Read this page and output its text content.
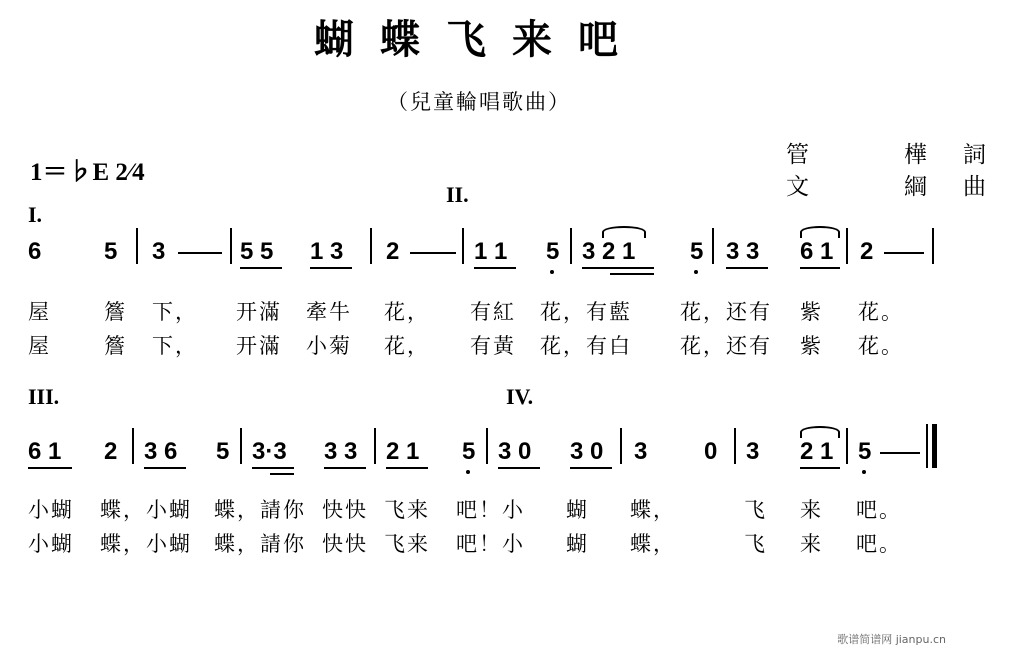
蝴蝶飞来吧
（兒童輪唱歌曲）
1＝♭E 2⁄4
管　樺詞
文　綱曲
I.
II.
III.	IV.
6	5 3	5 5 1 3 2	1 1 5 3 2 1 5 3 3 6 1 2
屋	簷 下， 开滿 牽牛 花， 有紅 花，有藍 花，还有 紫 花。
屋	簷 下， 开滿 小菊 花， 有黃 花，有白 花，还有 紫 花。
6 1 2 3 6 5 3·3 3 3 2 1 5 3 0 3 0 3 0 3 2 1 5
小蝴 蝶，小蝴 蝶，請你 快快 飞来 吧！小 蝴 蝶，	飞 来 吧。
小蝴 蝶，小蝴 蝶，請你 快快 飞来 吧！小 蝴 蝶，	飞 来 吧。
歌谱简谱网 jianpu.cn
